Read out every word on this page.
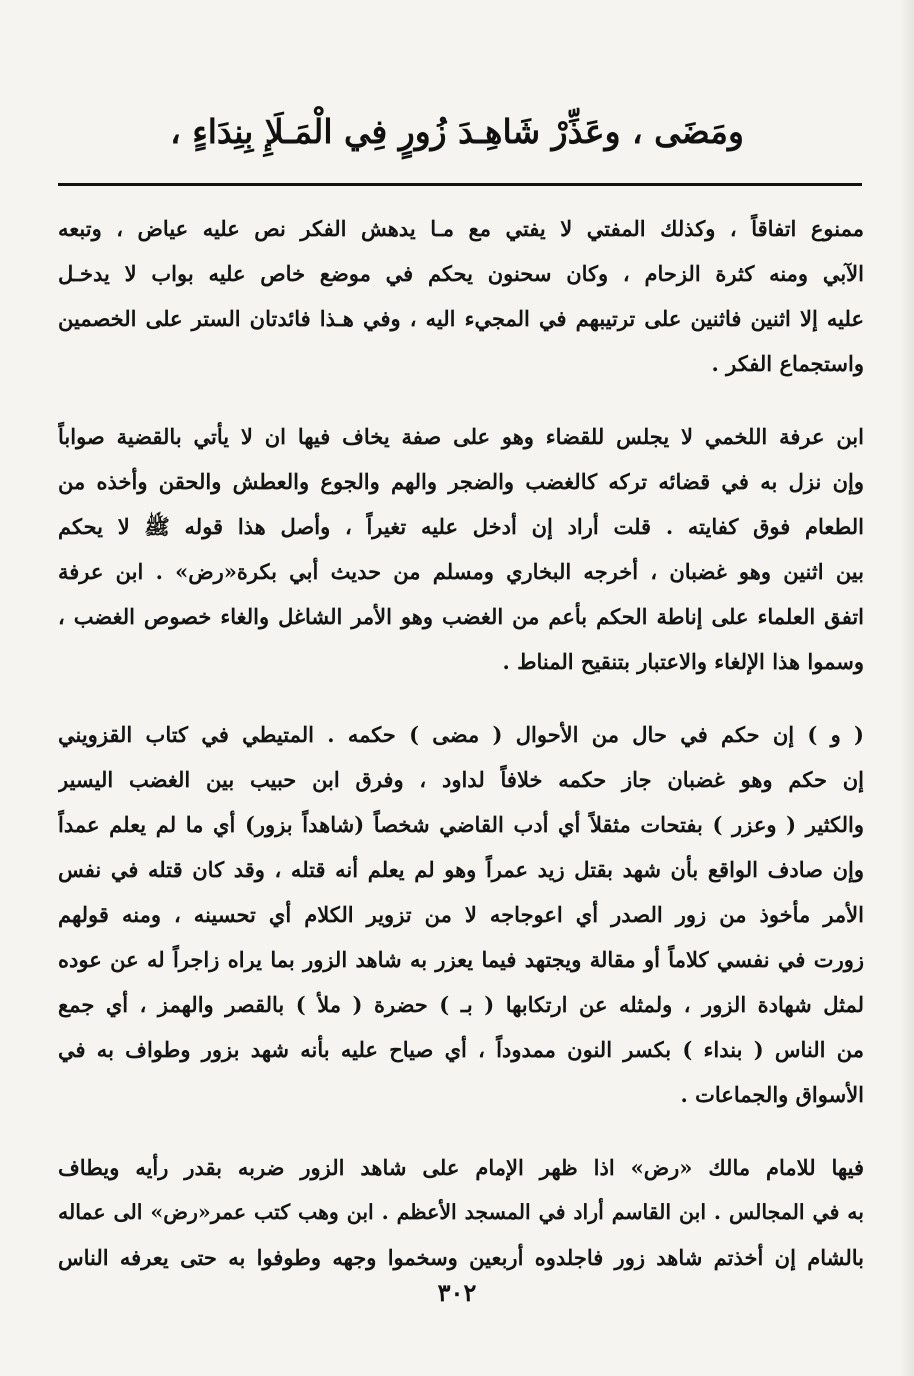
ومَضَى ، وعَذِّرْ شَاهِـدَ زُورٍ فِي الْمَـلَإِ بِنِدَاءٍ ،
ممنوع اتفاقاً ، وكذلك المفتي لا يفتي مع مـا يدهش الفكر نص عليه عياض ، وتبعه
الآبي ومنه كثرة الزحام ، وكان سحنون يحكم في موضع خاص عليه بواب لا يدخـل
عليه إلا اثنين فاثنين على ترتيبهم في المجيء اليه ، وفي هـذا فائدتان الستر على الخصمين
واستجماع الفكر .
ابن عرفة اللخمي لا يجلس للقضاء وهو على صفة يخاف فيها ان لا يأتي بالقضية صواباً
وإن نزل به في قضائه تركه كالغضب والضجر والهم والجوع والعطش والحقن وأخذه من
الطعام فوق كفايته . قلت أراد إن أدخل عليه تغيراً ، وأصل هذا قوله ﷺ لا يحكم
بين اثنين وهو غضبان ، أخرجه البخاري ومسلم من حديث أبي بكرة«رض» . ابن عرفة
اتفق العلماء على إناطة الحكم بأعم من الغضب وهو الأمر الشاغل والغاء خصوص الغضب ،
وسموا هذا الإلغاء والاعتبار بتنقيح المناط .
( و ) إن حكم في حال من الأحوال ( مضى ) حكمه . المتيطي في كتاب القزويني
إن حكم وهو غضبان جاز حكمه خلافاً لداود ، وفرق ابن حبيب بين الغضب اليسير
والكثير ( وعزر ) بفتحات مثقلاً أي أدب القاضي شخصاً (شاهداً بزور) أي ما لم يعلم عمداً
وإن صادف الواقع بأن شهد بقتل زيد عمراً وهو لم يعلم أنه قتله ، وقد كان قتله في نفس
الأمر مأخوذ من زور الصدر أي اعوجاجه لا من تزوير الكلام أي تحسينه ، ومنه قولهم
زورت في نفسي كلاماً أو مقالة ويجتهد فيما يعزر به شاهد الزور بما يراه زاجراً له عن عوده
لمثل شهادة الزور ، ولمثله عن ارتكابها ( بـ ) حضرة ( ملأ ) بالقصر والهمز ، أي جمع
من الناس ( بنداء ) بكسر النون ممدوداً ، أي صياح عليه بأنه شهد بزور وطواف به في
الأسواق والجماعات .
فيها للامام مالك «رض» اذا ظهر الإمام على شاهد الزور ضربه بقدر رأيه ويطاف
به في المجالس . ابن القاسم أراد في المسجد الأعظم . ابن وهب كتب عمر«رض» الى عماله
بالشام إن أخذتم شاهد زور فاجلدوه أربعين وسخموا وجهه وطوفوا به حتى يعرفه الناس
٣٠٢
